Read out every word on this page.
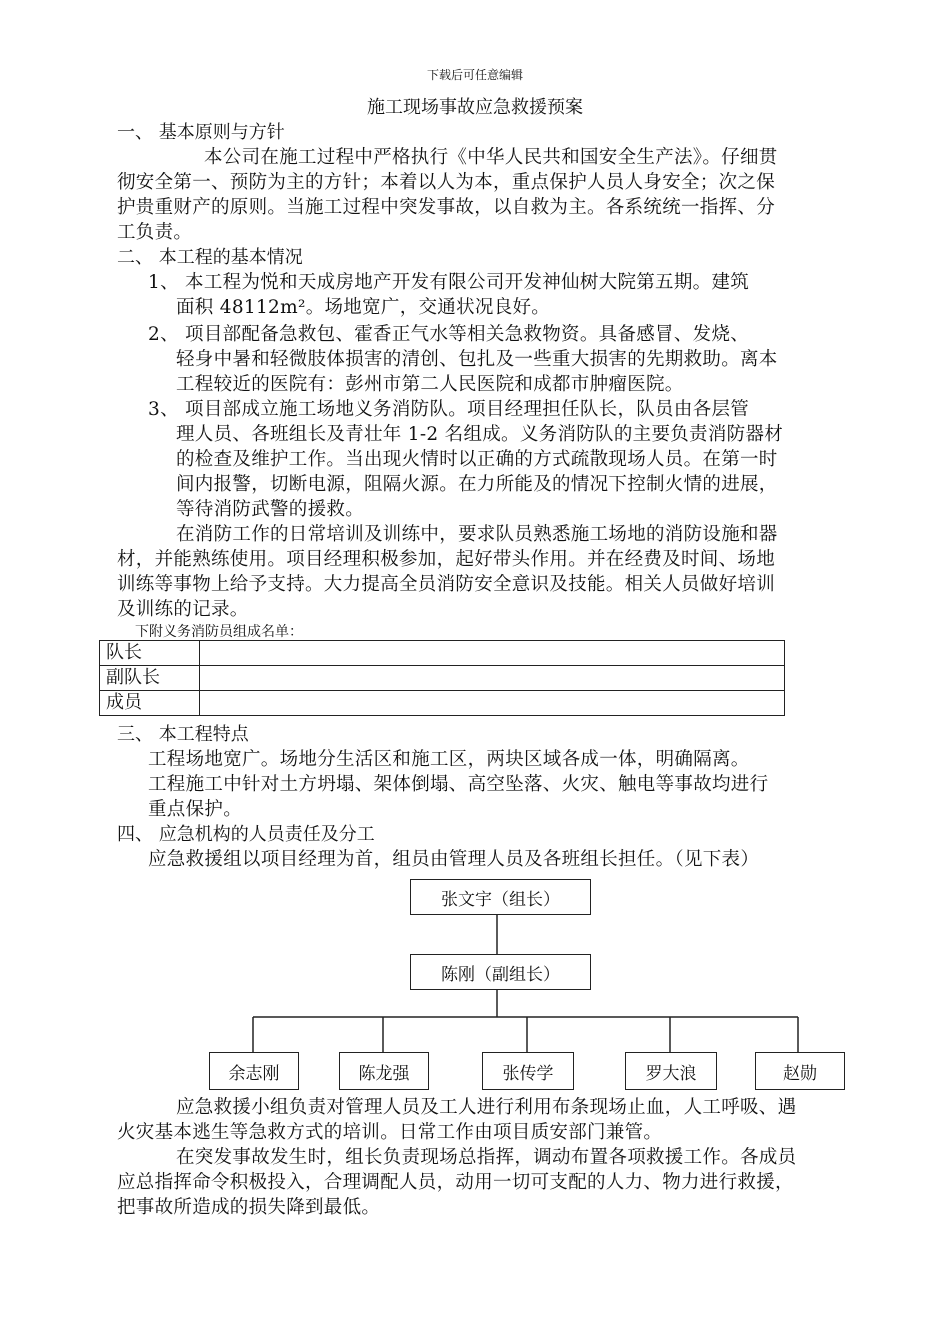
下载后可任意编辑
施工现场事故应急救援预案
一、 基本原则与方针
本公司在施工过程中严格执行《中华人民共和国安全生产法》。仔细贯
彻安全第一、预防为主的方针；本着以人为本，重点保护人员人身安全；次之保
护贵重财产的原则。当施工过程中突发事故，以自救为主。各系统统一指挥、分
工负责。
二、 本工程的基本情况
1、 本工程为悦和天成房地产开发有限公司开发神仙树大院第五期。建筑
面积 48112m²。场地宽广，交通状况良好。
2、 项目部配备急救包、霍香正气水等相关急救物资。具备感冒、发烧、
轻身中暑和轻微肢体损害的清创、包扎及一些重大损害的先期救助。离本
工程较近的医院有：彭州市第二人民医院和成都市肿瘤医院。
3、 项目部成立施工场地义务消防队。项目经理担任队长，队员由各层管
理人员、各班组长及青壮年 1-2 名组成。义务消防队的主要负责消防器材
的检查及维护工作。当出现火情时以正确的方式疏散现场人员。在第一时
间内报警，切断电源，阻隔火源。在力所能及的情况下控制火情的进展，
等待消防武警的援救。
在消防工作的日常培训及训练中，要求队员熟悉施工场地的消防设施和器
材，并能熟练使用。项目经理积极参加，起好带头作用。并在经费及时间、场地
训练等事物上给予支持。大力提高全员消防安全意识及技能。相关人员做好培训
及训练的记录。
下附义务消防员组成名单：
队长	
副队长	
成员	
三、 本工程特点
工程场地宽广。场地分生活区和施工区，两块区域各成一体，明确隔离。
工程施工中针对土方坍塌、架体倒塌、高空坠落、火灾、触电等事故均进行
重点保护。
四、 应急机构的人员责任及分工
应急救援组以项目经理为首，组员由管理人员及各班组长担任。（见下表）
张文宇（组长）
陈刚（副组长）
余志刚	陈龙强	张传学	罗大浪	赵勋
应急救援小组负责对管理人员及工人进行利用布条现场止血，人工呼吸、遇
火灾基本逃生等急救方式的培训。日常工作由项目质安部门兼管。
在突发事故发生时，组长负责现场总指挥，调动布置各项救援工作。各成员
应总指挥命令积极投入，合理调配人员，动用一切可支配的人力、物力进行救援，
把事故所造成的损失降到最低。
